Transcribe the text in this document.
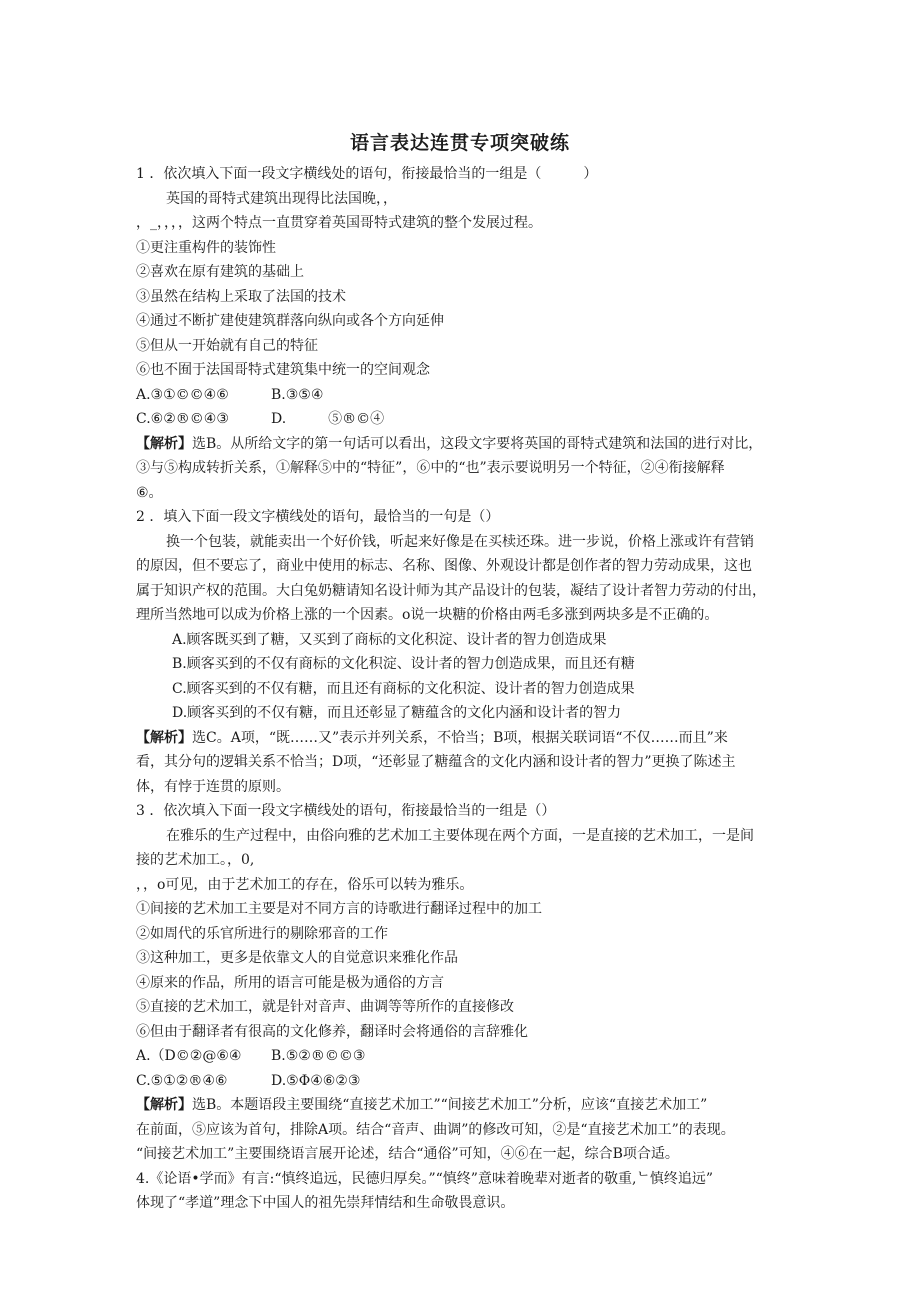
语言表达连贯专项突破练
1 ．依次填入下面一段文字横线处的语句，衔接最恰当的一组是（　　　）
英国的哥特式建筑出现得比法国晚，，
，_，，，，这两个特点一直贯穿着英国哥特式建筑的整个发展过程。
①更注重构件的装饰性
②喜欢在原有建筑的基础上
③虽然在结构上采取了法国的技术
④通过不断扩建使建筑群落向纵向或各个方向延伸
⑤但从一开始就有自己的特征
⑥也不囿于法国哥特式建筑集中统一的空间观念
A.③①©©④⑥	B.③⑤④
C.⑥②®©④③	D.　　　⑤®©④
【解析】选B。从所给文字的第一句话可以看出，这段文字要将英国的哥特式建筑和法国的进行对比，
③与⑤构成转折关系，①解释⑤中的“特征”，⑥中的“也”表示要说明另一个特征，②④衔接解释
⑥。
2 ．填入下面一段文字横线处的语句，最恰当的一句是（）
换一个包装，就能卖出一个好价钱，听起来好像是在买椟还珠。进一步说，价格上涨或许有营销
的原因，但不要忘了，商业中使用的标志、名称、图像、外观设计都是创作者的智力劳动成果，这也
属于知识产权的范围。大白兔奶糖请知名设计师为其产品设计的包装，凝结了设计者智力劳动的付出，
理所当然地可以成为价格上涨的一个因素。o说一块糖的价格由两毛多涨到两块多是不正确的。
A.顾客既买到了糖，又买到了商标的文化积淀、设计者的智力创造成果
B.顾客买到的不仅有商标的文化积淀、设计者的智力创造成果，而且还有糖
C.顾客买到的不仅有糖，而且还有商标的文化积淀、设计者的智力创造成果
D.顾客买到的不仅有糖，而且还彰显了糖蕴含的文化内涵和设计者的智力
【解析】选C。A项，“既……又”表示并列关系，不恰当；B项，根据关联词语“不仅……而且”来
看，其分句的逻辑关系不恰当；D项，“还彰显了糖蕴含的文化内涵和设计者的智力”更换了陈述主
体，有悖于连贯的原则。
3 ．依次填入下面一段文字横线处的语句，衔接最恰当的一组是（）
在雅乐的生产过程中，由俗向雅的艺术加工主要体现在两个方面，一是直接的艺术加工，一是间
接的艺术加工。，0,
，，o可见，由于艺术加工的存在，俗乐可以转为雅乐。
①间接的艺术加工主要是对不同方言的诗歌进行翻译过程中的加工
②如周代的乐官所进行的剔除邪音的工作
③这种加工，更多是依靠文人的自觉意识来雅化作品
④原来的作品，所用的语言可能是极为通俗的方言
⑤直接的艺术加工，就是针对音声、曲调等等所作的直接修改
⑥但由于翻译者有很高的文化修养，翻译时会将通俗的言辞雅化
A.（D©②@⑥④ B.⑤②®©©③
C.⑤①②®④⑥	D.⑤Φ④⑥②③
【解析】选B。本题语段主要围绕“直接艺术加工”“间接艺术加工”分析，应该“直接艺术加工”
在前面，⑤应该为首句，排除A项。结合“音声、曲调”的修改可知，②是“直接艺术加工”的表现。
“间接艺术加工”主要围绕语言展开论述，结合“通俗”可知，④⑥在一起，综合B项合适。
4.《论语•学而》有言:“慎终追远，民德归厚矣。”“慎终”意味着晚辈对逝者的敬重,ᄂ慎终追远”
体现了“孝道”理念下中国人的祖先崇拜情结和生命敬畏意识。
